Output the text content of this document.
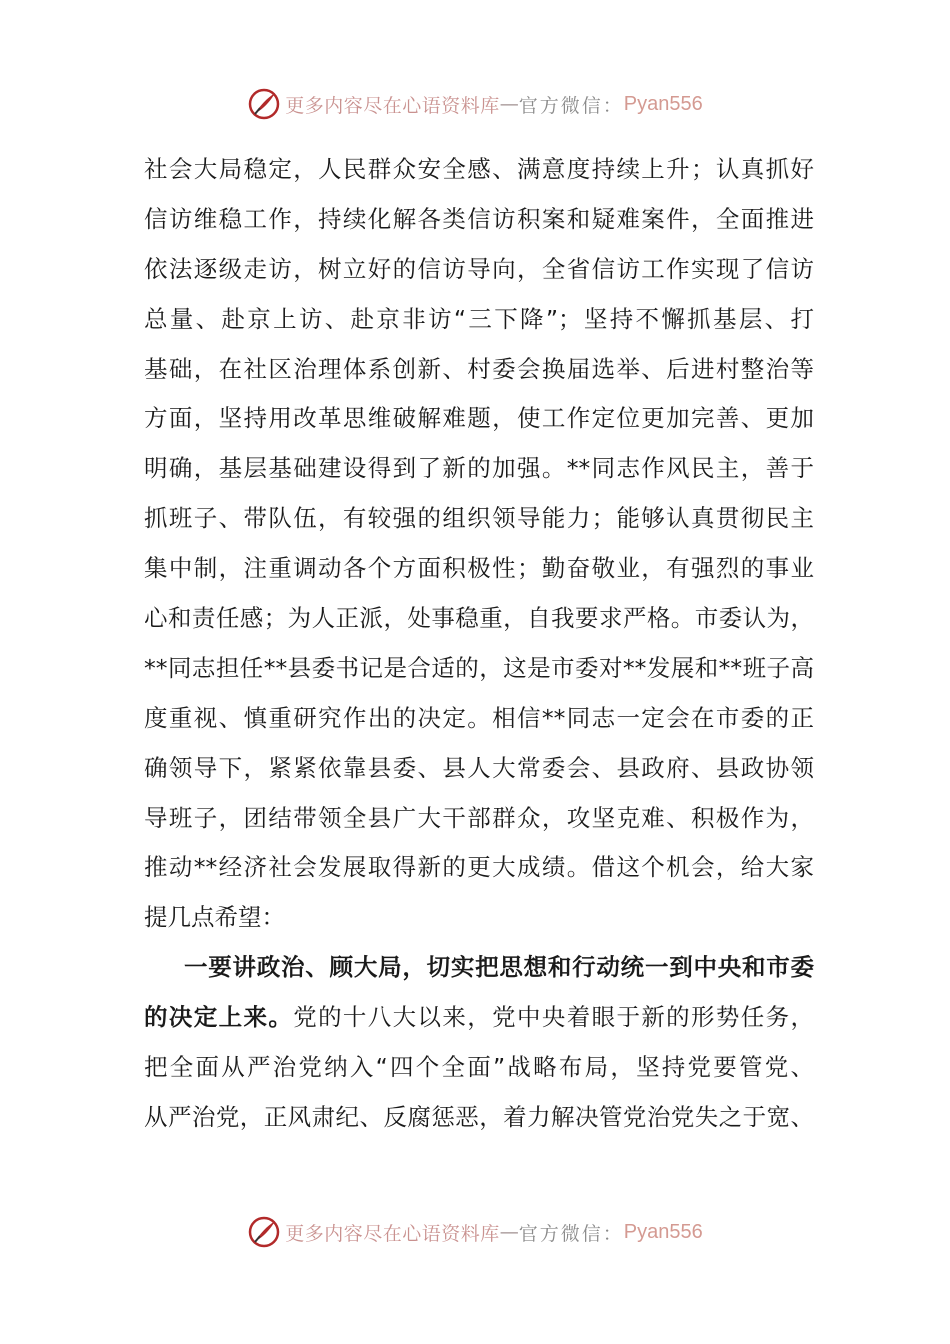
更多内容尽在心语资料库 — 官方微信： Pyan556
社会大局稳定，人民群众安全感、满意度持续上升；认真抓好
信访维稳工作，持续化解各类信访积案和疑难案件，全面推进
依法逐级走访，树立好的信访导向，全省信访工作实现了信访
总量、赴京上访、赴京非访“三下降”；坚持不懈抓基层、打
基础，在社区治理体系创新、村委会换届选举、后进村整治等
方面，坚持用改革思维破解难题，使工作定位更加完善、更加
明确，基层基础建设得到了新的加强。**同志作风民主，善于
抓班子、带队伍，有较强的组织领导能力；能够认真贯彻民主
集中制，注重调动各个方面积极性；勤奋敬业，有强烈的事业
心和责任感；为人正派，处事稳重，自我要求严格。市委认为，
**同志担任**县委书记是合适的，这是市委对**发展和**班子高
度重视、慎重研究作出的决定。相信**同志一定会在市委的正
确领导下，紧紧依靠县委、县人大常委会、县政府、县政协领
导班子，团结带领全县广大干部群众，攻坚克难、积极作为，
推动**经济社会发展取得新的更大成绩。借这个机会，给大家
提几点希望：
一要讲政治、顾大局，切实把思想和行动统一到中央和市委
的决定上来。党的十八大以来，党中央着眼于新的形势任务，
把全面从严治党纳入“四个全面”战略布局，坚持党要管党、
从严治党，正风肃纪、反腐惩恶，着力解决管党治党失之于宽、
更多内容尽在心语资料库 — 官方微信： Pyan556
